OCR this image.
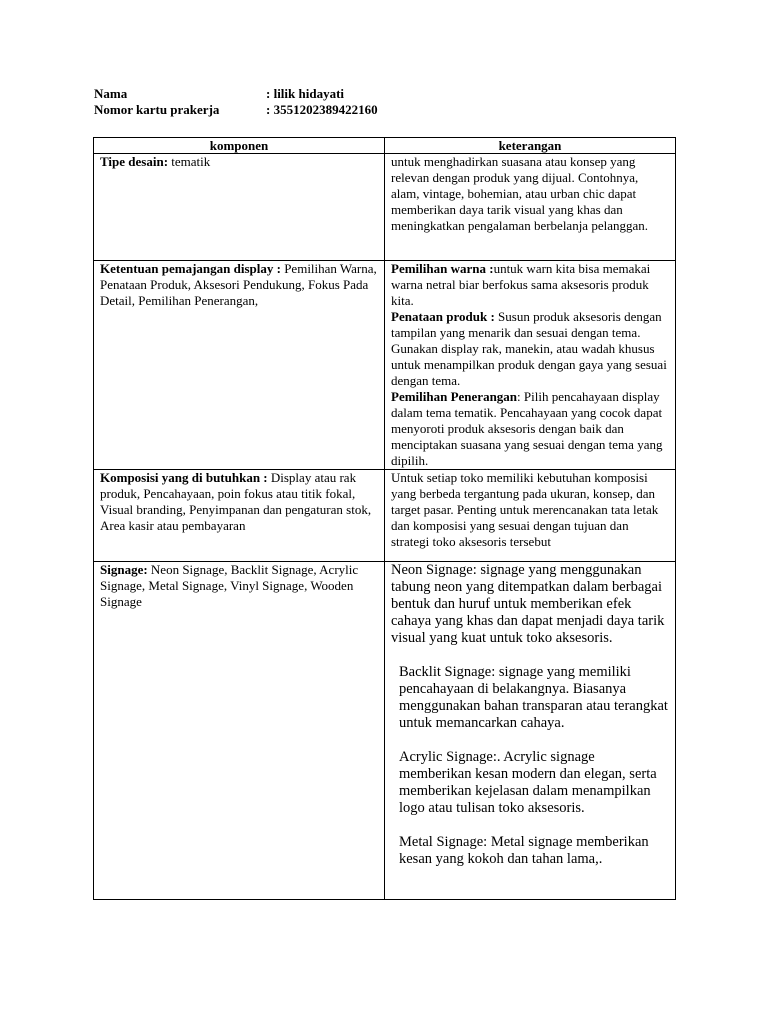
Nama	: lilik hidayati
Nomor kartu prakerja	: 3551202389422160
komponen	keterangan
Tipe desain: tematik	untuk menghadirkan suasana atau konsep yang relevan dengan produk yang dijual. Contohnya, alam, vintage, bohemian, atau urban chic dapat memberikan daya tarik visual yang khas dan meningkatkan pengalaman berbelanja pelanggan.

Ketentuan pemajangan display : Pemilihan Warna, Penataan Produk, Aksesori Pendukung, Fokus Pada Detail, Pemilihan Penerangan,	Pemilihan warna :untuk warn kita bisa memakai warna netral biar berfokus sama aksesoris produk kita.

Penataan produk : Susun produk aksesoris dengan tampilan yang menarik dan sesuai dengan tema. Gunakan display rak, manekin, atau wadah khusus untuk menampilkan produk dengan gaya yang sesuai dengan tema.

Pemilihan Penerangan: Pilih pencahayaan display dalam tema tematik. Pencahayaan yang cocok dapat menyoroti produk aksesoris dengan baik dan menciptakan suasana yang sesuai dengan tema yang dipilih.

Komposisi yang di butuhkan : Display atau rak produk, Pencahayaan, poin fokus atau titik fokal, Visual branding, Penyimpanan dan pengaturan stok, Area kasir atau pembayaran	Untuk setiap toko memiliki kebutuhan komposisi yang berbeda tergantung pada ukuran, konsep, dan target pasar. Penting untuk merencanakan tata letak dan komposisi yang sesuai dengan tujuan dan strategi toko aksesoris tersebut

Signage: Neon Signage, Backlit Signage, Acrylic Signage, Metal Signage, Vinyl Signage, Wooden Signage	Neon Signage: signage yang menggunakan tabung neon yang ditempatkan dalam berbagai bentuk dan huruf untuk memberikan efek cahaya yang khas dan dapat menjadi daya tarik visual yang kuat untuk toko aksesoris.

Backlit Signage: signage yang memiliki pencahayaan di belakangnya. Biasanya menggunakan bahan transparan atau terangkat untuk memancarkan cahaya.

Acrylic Signage:. Acrylic signage memberikan kesan modern dan elegan, serta memberikan kejelasan dalam menampilkan logo atau tulisan toko aksesoris.

Metal Signage: Metal signage memberikan kesan yang kokoh dan tahan lama,.
